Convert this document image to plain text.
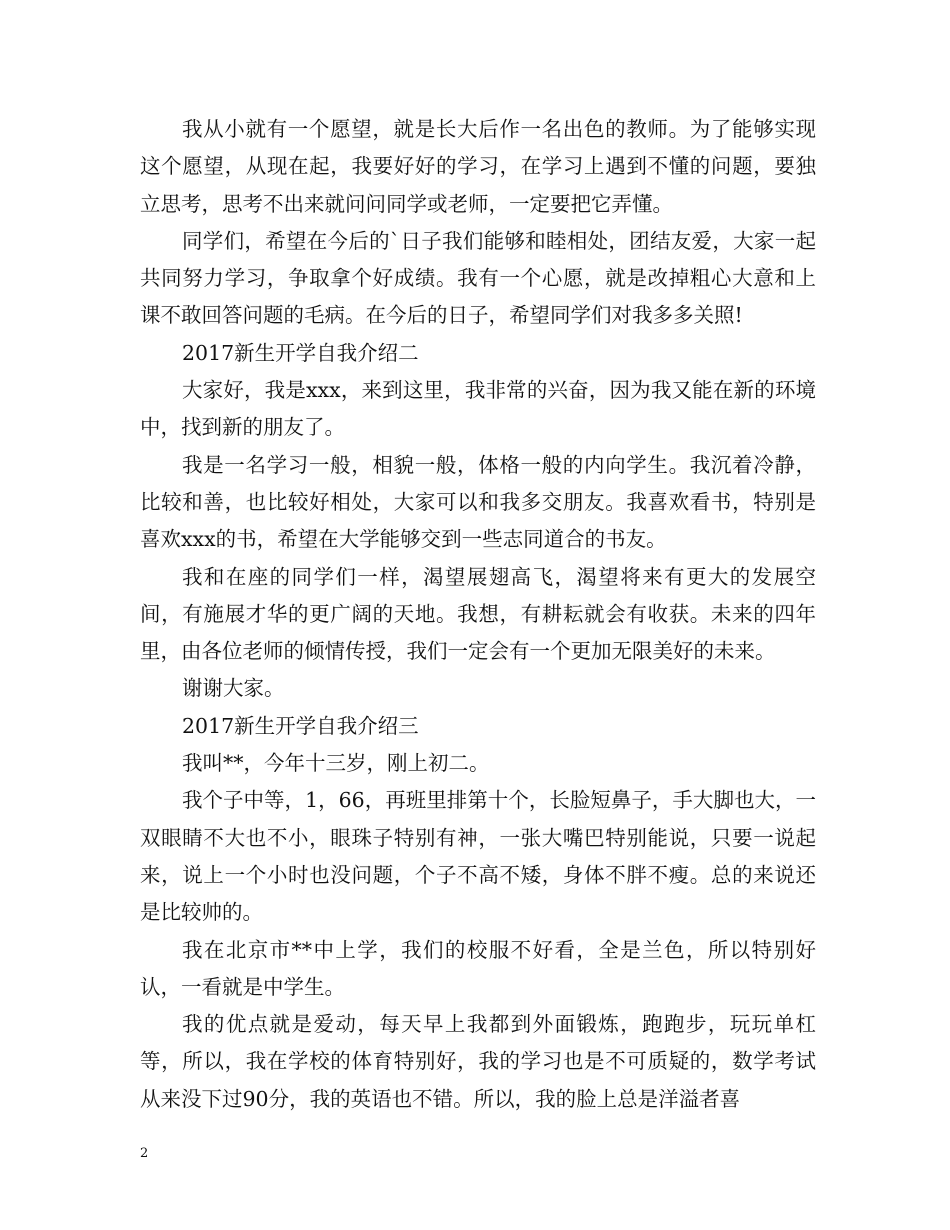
我从小就有一个愿望，就是长大后作一名出色的教师。为了能够实现这个愿望，从现在起，我要好好的学习，在学习上遇到不懂的问题，要独立思考，思考不出来就问问同学或老师，一定要把它弄懂。

同学们，希望在今后的`日子我们能够和睦相处，团结友爱，大家一起共同努力学习，争取拿个好成绩。我有一个心愿，就是改掉粗心大意和上课不敢回答问题的毛病。在今后的日子，希望同学们对我多多关照!

2017新生开学自我介绍二

大家好，我是xxx，来到这里，我非常的兴奋，因为我又能在新的环境中，找到新的朋友了。

我是一名学习一般，相貌一般，体格一般的内向学生。我沉着冷静，比较和善，也比较好相处，大家可以和我多交朋友。我喜欢看书，特别是喜欢xxx的书，希望在大学能够交到一些志同道合的书友。

我和在座的同学们一样，渴望展翅高飞，渴望将来有更大的发展空间，有施展才华的更广阔的天地。我想，有耕耘就会有收获。未来的四年里，由各位老师的倾情传授，我们一定会有一个更加无限美好的未来。

谢谢大家。

2017新生开学自我介绍三

我叫**，今年十三岁，刚上初二。

我个子中等，1，66，再班里排第十个，长脸短鼻子，手大脚也大，一双眼睛不大也不小，眼珠子特别有神，一张大嘴巴特别能说，只要一说起来，说上一个小时也没问题，个子不高不矮，身体不胖不瘦。总的来说还是比较帅的。

我在北京市**中上学，我们的校服不好看，全是兰色，所以特别好认，一看就是中学生。

我的优点就是爱动，每天早上我都到外面锻炼，跑跑步，玩玩单杠等，所以，我在学校的体育特别好，我的学习也是不可质疑的，数学考试从来没下过90分，我的英语也不错。所以，我的脸上总是洋溢者喜

2
